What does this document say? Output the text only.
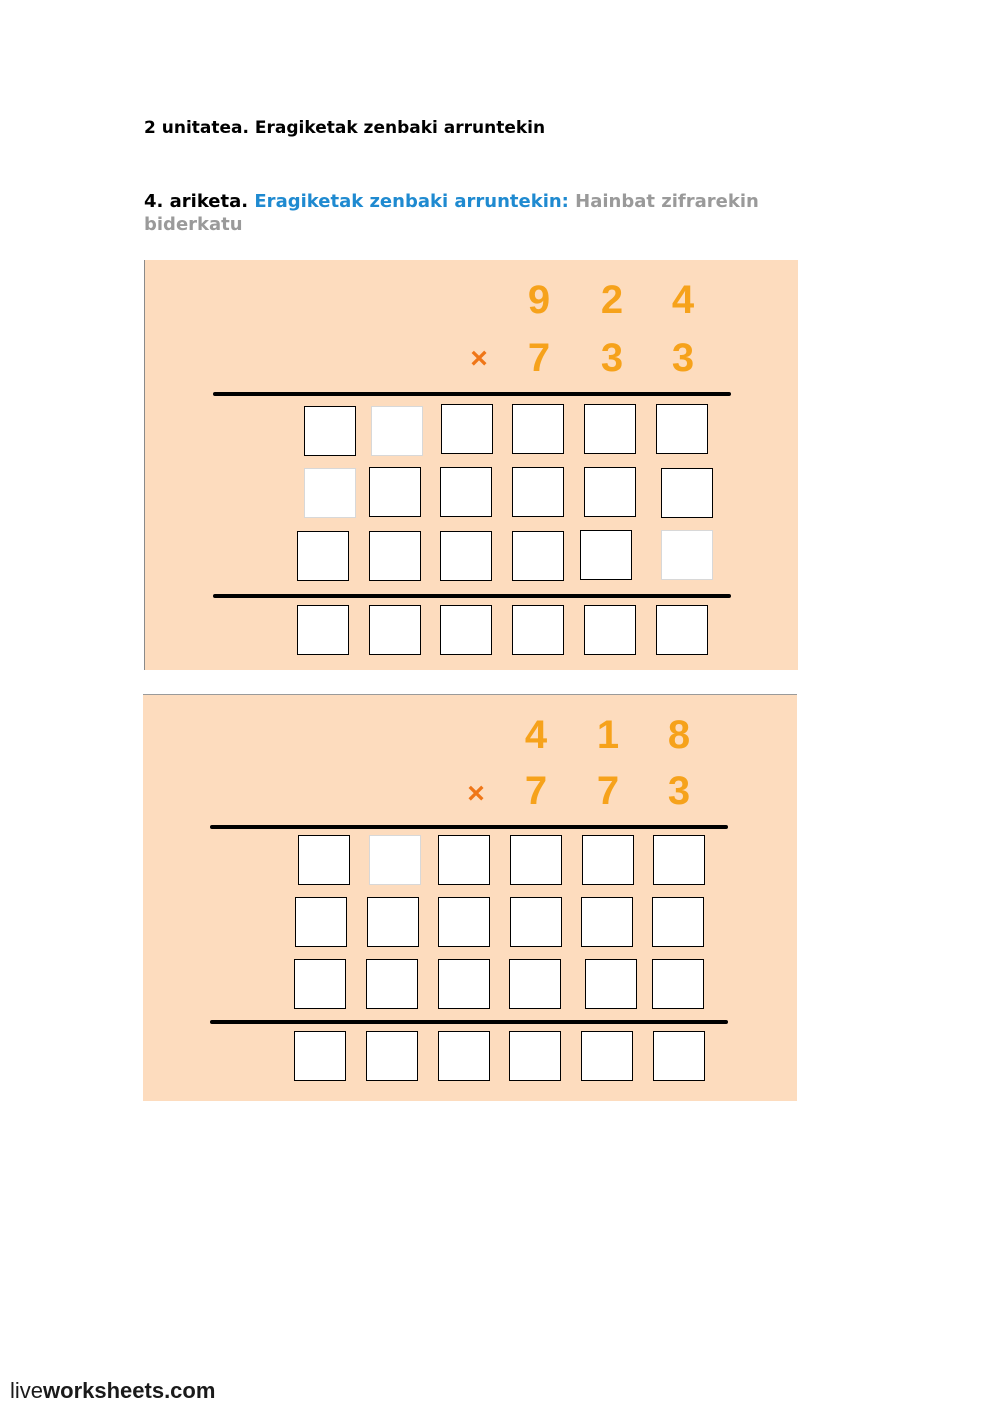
2 unitatea. Eragiketak zenbaki arruntekin
4. ariketa. Eragiketak zenbaki arruntekin: Hainbat zifrarekin biderkatu
9 2 4
× 7 3 3
4 1 8
× 7 7 3
liveworksheets.com
